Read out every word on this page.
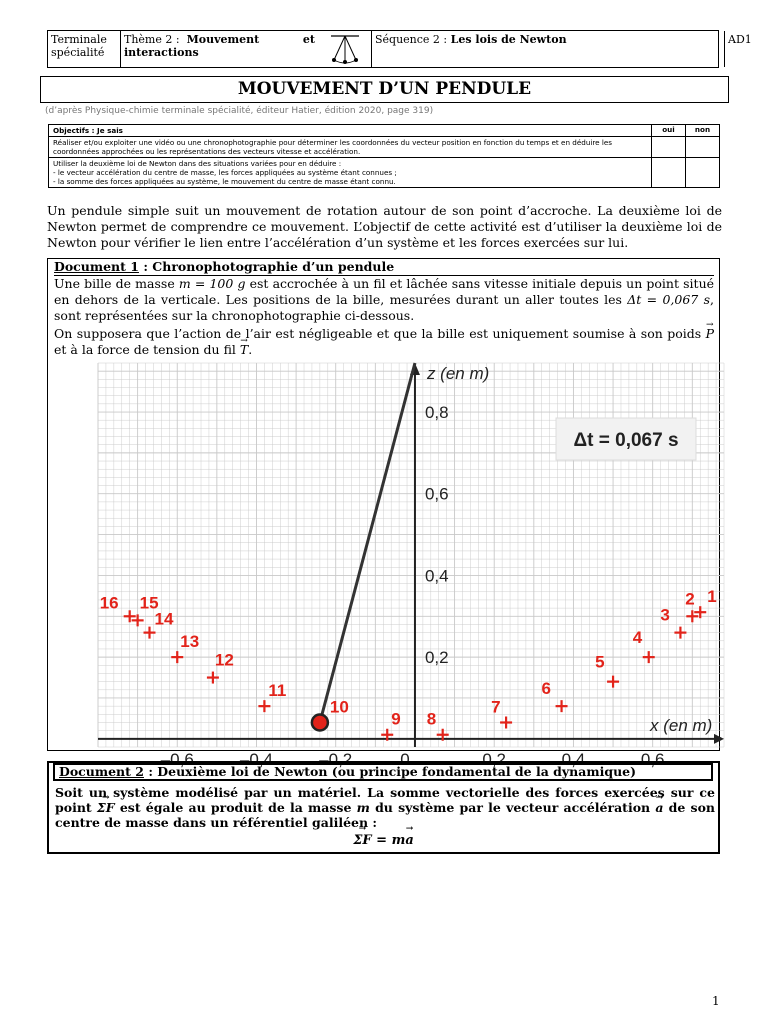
Terminale spécialité
Thème 2 : Mouvement	et
interactions
Séquence 2 : Les lois de Newton	AD1
MOUVEMENT D’UN PENDULE
(d’après Physique-chimie terminale spécialité, éditeur Hatier, édition 2020, page 319)
Objectifs : Je sais	oui	non
Réaliser et/ou exploiter une vidéo ou une chronophotographie pour déterminer les coordonnées du vecteur position en fonction du temps et en déduire les coordonnées approchées ou les représentations des vecteurs vitesse et accélération.
Utiliser la deuxième loi de Newton dans des situations variées pour en déduire :
- le vecteur accélération du centre de masse, les forces appliquées au système étant connues ;
- la somme des forces appliquées au système, le mouvement du centre de masse étant connu.
Un pendule simple suit un mouvement de rotation autour de son point d’accroche. La deuxième loi de Newton permet de comprendre ce mouvement. L’objectif de cette activité est d’utiliser la deuxième loi de Newton pour vérifier le lien entre l’accélération d’un système et les forces exercées sur lui.
Document 1 : Chronophotographie d’un pendule

Une bille de masse m = 100 g est accrochée à un fil et lâchée sans vitesse initiale depuis un point situé en dehors de la verticale. Les positions de la bille, mesurées durant un aller toutes les Δt = 0,067 s, sont représentées sur la chronophotographie ci-dessous.

On supposera que l’action de l’air est négligeable et que la bille est uniquement soumise à son poids P → et à la force de tension du fil T →.

x (en m)
z (en m)
–0,6	–0,4	–0,2	0	0,2	0,4	0,6
0,2
0,4
0,6
0,8
Δt = 0,067 s
1
2
3
4
5
6
7
8
9
10
11
12
13
14
15
16
Document 2 : Deuxième loi de Newton (ou principe fondamental de la dynamique)
Soit un système modélisé par un matériel. La somme vectorielle des forces exercées sur ce point ΣF → est égale au produit de la masse m du système par le vecteur accélération a → de son centre de masse dans un référentiel galiléen :
ΣF → = ma →
1
